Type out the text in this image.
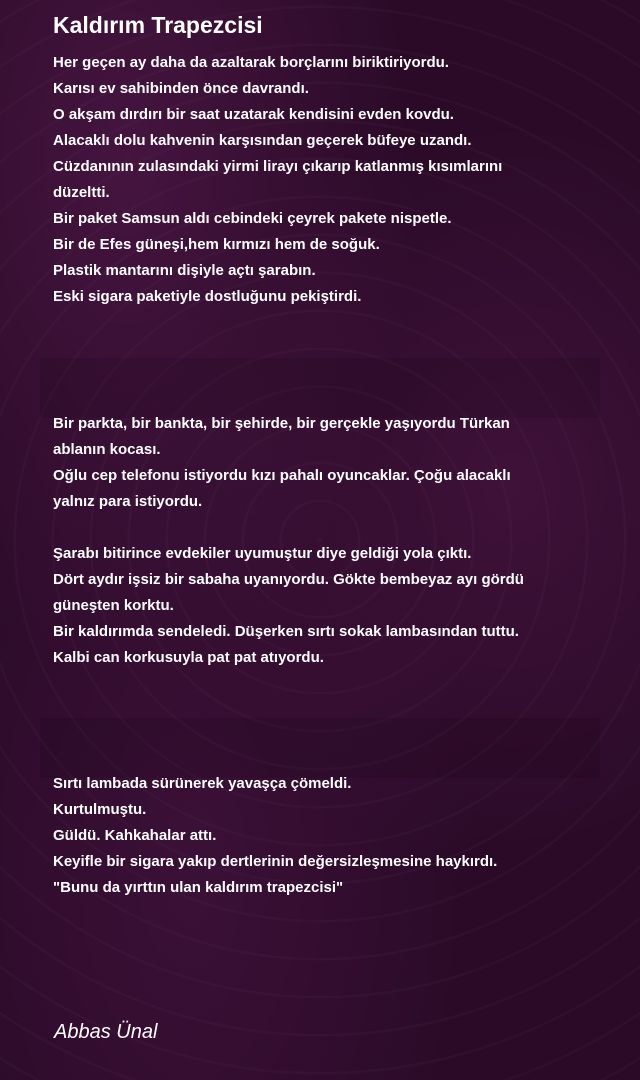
Kaldırım Trapezcisi
Her geçen ay daha da azaltarak borçlarını biriktiriyordu.
Karısı ev sahibinden önce davrandı.
O akşam dırdırı bir saat uzatarak kendisini evden kovdu.
Alacaklı dolu kahvenin karşısından geçerek büfeye uzandı.
Cüzdanının zulasındaki yirmi lirayı çıkarıp katlanmış kısımlarını
düzeltti.
Bir paket Samsun aldı cebindeki çeyrek pakete nispetle.
Bir de Efes güneşi,hem kırmızı hem de soğuk.
Plastik mantarını dişiyle açtı şarabın.
Eski sigara paketiyle dostluğunu pekiştirdi.
Bir parkta, bir bankta, bir şehirde, bir gerçekle yaşıyordu Türkan
ablanın kocası.
Oğlu cep telefonu istiyordu kızı pahalı oyuncaklar. Çoğu alacaklı
yalnız para istiyordu.
Şarabı bitirince evdekiler uyumuştur diye geldiği yola çıktı.
Dört aydır işsiz bir sabaha uyanıyordu. Gökte bembeyaz ayı gördü
güneşten korktu.
Bir kaldırımda sendeledi. Düşerken sırtı sokak lambasından tuttu.
Kalbi can korkusuyla pat pat atıyordu.
Sırtı lambada sürünerek yavaşça çömeldi.
Kurtulmuştu.
Güldü. Kahkahalar attı.
Keyifle bir sigara yakıp dertlerinin değersizleşmesine haykırdı.
"Bunu da yırttın ulan kaldırım trapezcisi"
Abbas Ünal
